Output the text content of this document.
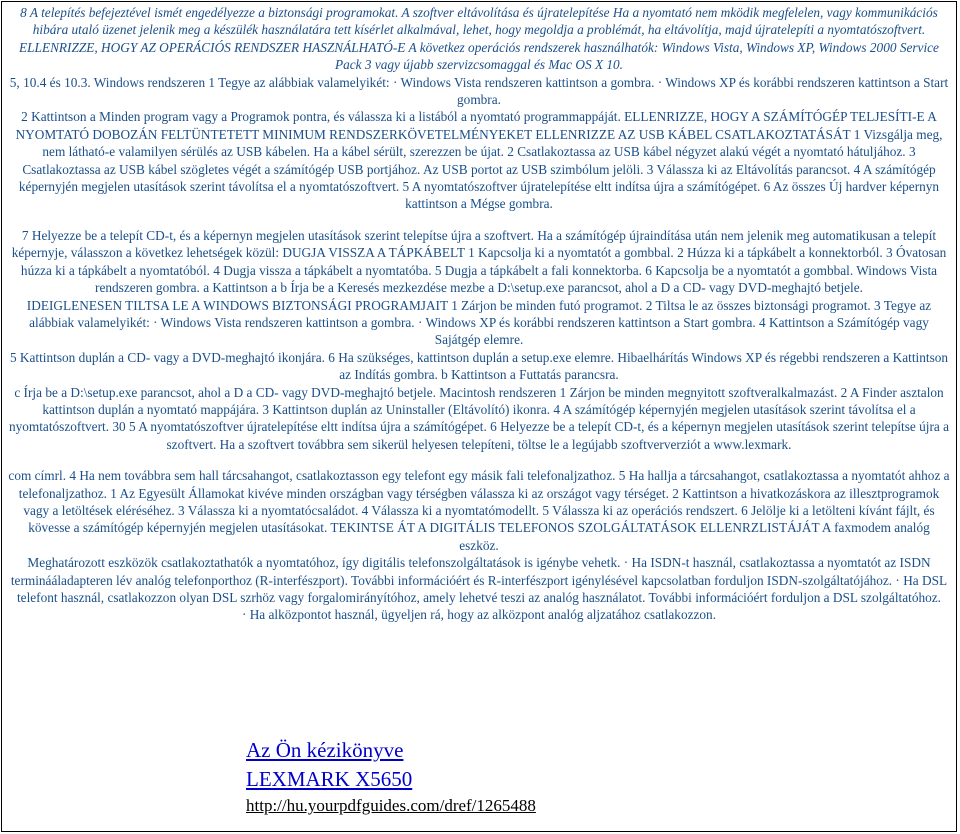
8 A telepítés befejeztével ismét engedélyezze a biztonsági programokat. A szoftver eltávolítása és újratelepítése Ha a nyomtató nem mködik megfelelen, vagy kommunikációs hibára utaló üzenet jelenik meg a készülék használatára tett kísérlet alkalmával, lehet, hogy megoldja a problémát, ha eltávolítja, majd újratelepíti a nyomtatószoftvert. ELLENRIZZE, HOGY AZ OPERÁCIÓS RENDSZER HASZNÁLHATÓ-E A következ operációs rendszerek használhatók: Windows Vista, Windows XP, Windows 2000 Service Pack 3 vagy újabb szervizcsomaggal és Mac OS X 10.

5, 10.4 és 10.3. Windows rendszeren 1 Tegye az alábbiak valamelyikét: · Windows Vista rendszeren kattintson a gombra. · Windows XP és korábbi rendszeren kattintson a Start gombra.

2 Kattintson a Minden program vagy a Programok pontra, és válassza ki a listából a nyomtató programmappáját. ELLENRIZZE, HOGY A SZÁMÍTÓGÉP TELJESÍTI-E A NYOMTATÓ DOBOZÁN FELTÜNTETETT MINIMUM RENDSZERKÖVETELMÉNYEKET ELLENRIZZE AZ USB KÁBEL CSATLAKOZTATÁSÁT 1 Vizsgálja meg, nem látható-e valamilyen sérülés az USB kábelen. Ha a kábel sérült, szerezzen be újat. 2 Csatlakoztassa az USB kábel négyzet alakú végét a nyomtató hátuljához. 3 Csatlakoztassa az USB kábel szögletes végét a számítógép USB portjához. Az USB portot az USB szimbólum jelöli. 3 Válassza ki az Eltávolítás parancsot. 4 A számítógép képernyjén megjelen utasítások szerint távolítsa el a nyomtatószoftvert. 5 A nyomtatószoftver újratelepítése eltt indítsa újra a számítógépet. 6 Az összes Új hardver képernyn kattintson a Mégse gombra.

7 Helyezze be a telepít CD-t, és a képernyn megjelen utasítások szerint telepítse újra a szoftvert. Ha a számítógép újraindítása után nem jelenik meg automatikusan a telepít képernyje, válasszon a következ lehetségek közül: DUGJA VISSZA A TÁPKÁBELT 1 Kapcsolja ki a nyomtatót a gombbal. 2 Húzza ki a tápkábelt a konnektorból. 3 Óvatosan húzza ki a tápkábelt a nyomtatóból. 4 Dugja vissza a tápkábelt a nyomtatóba. 5 Dugja a tápkábelt a fali konnektorba. 6 Kapcsolja be a nyomtatót a gombbal. Windows Vista rendszeren gombra. a Kattintson a b Írja be a Keresés mezkezdése mezbe a D:\setup.exe parancsot, ahol a D a CD- vagy DVD-meghajtó betjele.

IDEIGLENESEN TILTSA LE A WINDOWS BIZTONSÁGI PROGRAMJAIT 1 Zárjon be minden futó programot. 2 Tiltsa le az összes biztonsági programot. 3 Tegye az alábbiak valamelyikét: · Windows Vista rendszeren kattintson a gombra. · Windows XP és korábbi rendszeren kattintson a Start gombra. 4 Kattintson a Számítógép vagy Sajátgép elemre.

5 Kattintson duplán a CD- vagy a DVD-meghajtó ikonjára. 6 Ha szükséges, kattintson duplán a setup.exe elemre. Hibaelhárítás Windows XP és régebbi rendszeren a Kattintson az Indítás gombra. b Kattintson a Futtatás parancsra.

c Írja be a D:\setup.exe parancsot, ahol a D a CD- vagy DVD-meghajtó betjele. Macintosh rendszeren 1 Zárjon be minden megnyitott szoftveralkalmazást. 2 A Finder asztalon kattintson duplán a nyomtató mappájára. 3 Kattintson duplán az Uninstaller (Eltávolító) ikonra. 4 A számítógép képernyjén megjelen utasítások szerint távolítsa el a nyomtatószoftvert. 30 5 A nyomtatószoftver újratelepítése eltt indítsa újra a számítógépet. 6 Helyezze be a telepít CD-t, és a képernyn megjelen utasítások szerint telepítse újra a szoftvert. Ha a szoftvert továbbra sem sikerül helyesen telepíteni, töltse le a legújabb szoftververziót a www.lexmark.

com címrl. 4 Ha nem továbbra sem hall tárcsahangot, csatlakoztasson egy telefont egy másik fali telefonaljzathoz. 5 Ha hallja a tárcsahangot, csatlakoztassa a nyomtatót ahhoz a telefonaljzathoz. 1 Az Egyesült Államokat kivéve minden országban vagy térségben válassza ki az országot vagy térséget. 2 Kattintson a hivatkozáskora az illesztprogramok vagy a letöltések eléréséhez. 3 Válassza ki a nyomtatócsaládot. 4 Válassza ki a nyomtatómodellt. 5 Válassza ki az operációs rendszert. 6 Jelölje ki a letölteni kívánt fájlt, és kövesse a számítógép képernyjén megjelen utasításokat. TEKINTSE ÁT A DIGITÁLIS TELEFONOS SZOLGÁLTATÁSOK ELLENRZLISTÁJÁT A faxmodem analóg eszköz.

Meghatározott eszközök csatlakoztathatók a nyomtatóhoz, így digitális telefonszolgáltatások is igénybe vehetk. · Ha ISDN-t használ, csatlakoztassa a nyomtatót az ISDN terminááladapteren lév analóg telefonporthoz (R-interfészport). További információért és R-interfészport igénylésével kapcsolatban forduljon ISDN-szolgáltatójához. · Ha DSL telefont használ, csatlakozzon olyan DSL szrhöz vagy forgalomirányítóhoz, amely lehetvé teszi az analóg használatot. További információért forduljon a DSL szolgáltatóhoz.

· Ha alközpontot használ, ügyeljen rá, hogy az alközpont analóg aljzatához csatlakozzon.

Az Ön kézikönyve
LEXMARK X5650
http://hu.yourpdfguides.com/dref/1265488
